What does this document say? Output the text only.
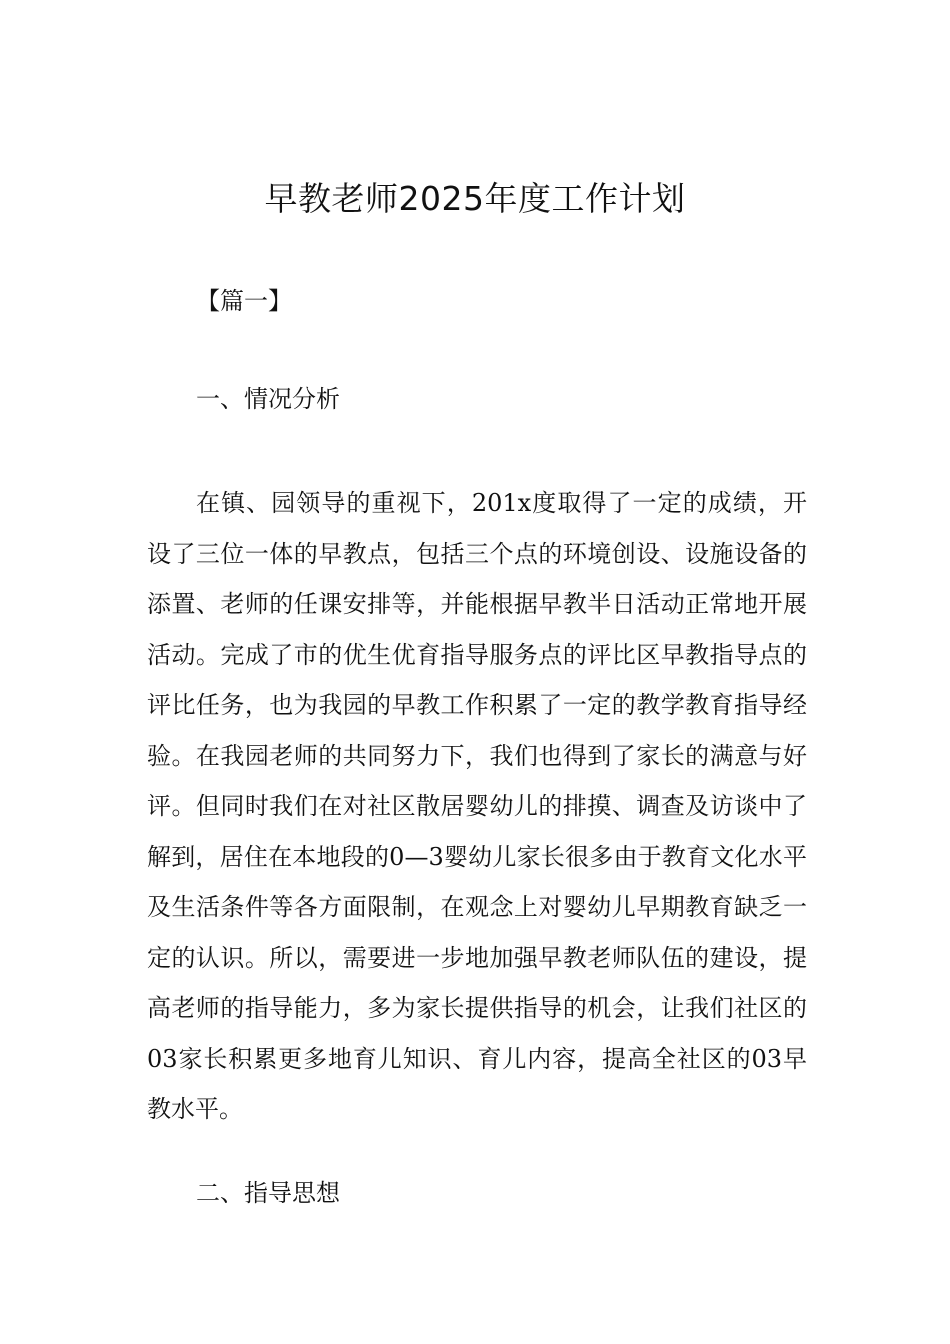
早教老师2025年度工作计划
【篇一】
一、情况分析

在镇、园领导的重视下，201x度取得了一定的成绩，开设了三位一体的早教点，包括三个点的环境创设、设施设备的添置、老师的任课安排等，并能根据早教半日活动正常地开展活动。完成了市的优生优育指导服务点的评比区早教指导点的评比任务，也为我园的早教工作积累了一定的教学教育指导经验。在我园老师的共同努力下，我们也得到了家长的满意与好评。但同时我们在对社区散居婴幼儿的排摸、调查及访谈中了解到，居住在本地段的0—3婴幼儿家长很多由于教育文化水平及生活条件等各方面限制，在观念上对婴幼儿早期教育缺乏一定的认识。所以，需要进一步地加强早教老师队伍的建设，提高老师的指导能力，多为家长提供指导的机会，让我们社区的03家长积累更多地育儿知识、育儿内容，提高全社区的03早教水平。

二、指导思想
